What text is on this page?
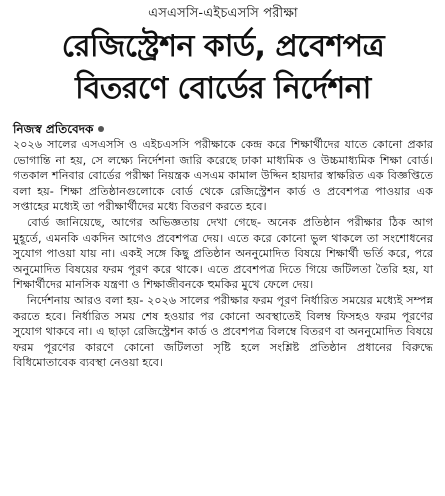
এসএসসি-এইচএসসি পরীক্ষা
রেজিস্ট্রেশন কার্ড, প্রবেশপত্র
বিতরণে বোর্ডের নির্দেশনা
নিজস্ব প্রতিবেদক

২০২৬ সালের এসএসসি ও এইচএসসি পরীক্ষাকে কেন্দ্র করে শিক্ষার্থীদের যাতে কোনো প্রকার ভোগান্তি না হয়, সে লক্ষ্যে নির্দেশনা জারি করেছে ঢাকা মাধ্যমিক ও উচ্চমাধ্যমিক শিক্ষা বোর্ড। গতকাল শনিবার বোর্ডের পরীক্ষা নিয়ন্ত্রক এসএম কামাল উদ্দিন হায়দার স্বাক্ষরিত এক বিজ্ঞপ্তিতে বলা হয়- শিক্ষা প্রতিষ্ঠানগুলোকে বোর্ড থেকে রেজিস্ট্রেশন কার্ড ও প্রবেশপত্র পাওয়ার এক সপ্তাহের মধ্যেই তা পরীক্ষার্থীদের মধ্যে বিতরণ করতে হবে।

বোর্ড জানিয়েছে, আগের অভিজ্ঞতায় দেখা গেছে- অনেক প্রতিষ্ঠান পরীক্ষার ঠিক আগ মুহূর্তে, এমনকি একদিন আগেও প্রবেশপত্র দেয়। এতে করে কোনো ভুল থাকলে তা সংশোধনের সুযোগ পাওয়া যায় না। একই সঙ্গে কিছু প্রতিষ্ঠান অননুমোদিত বিষয়ে শিক্ষার্থী ভর্তি করে, পরে অনুমোদিত বিষয়ের ফরম পূরণ করে থাকে। এতে প্রবেশপত্র দিতে গিয়ে জটিলতা তৈরি হয়, যা শিক্ষার্থীদের মানসিক যন্ত্রণা ও শিক্ষাজীবনকে হুমকির মুখে ফেলে দেয়।

নির্দেশনায় আরও বলা হয়- ২০২৬ সালের পরীক্ষার ফরম পূরণ নির্ধারিত সময়ের মধ্যেই সম্পন্ন করতে হবে। নির্ধারিত সময় শেষ হওয়ার পর কোনো অবস্থাতেই বিলম্ব ফিসহও ফরম পূরণের সুযোগ থাকবে না। এ ছাড়া রেজিস্ট্রেশন কার্ড ও প্রবেশপত্র বিলম্বে বিতরণ বা অননুমোদিত বিষয়ে ফরম পূরণের কারণে কোনো জটিলতা সৃষ্টি হলে সংশ্লিষ্ট প্রতিষ্ঠান প্রধানের বিরুদ্ধে বিধিমোতাবেক ব্যবস্থা নেওয়া হবে।
